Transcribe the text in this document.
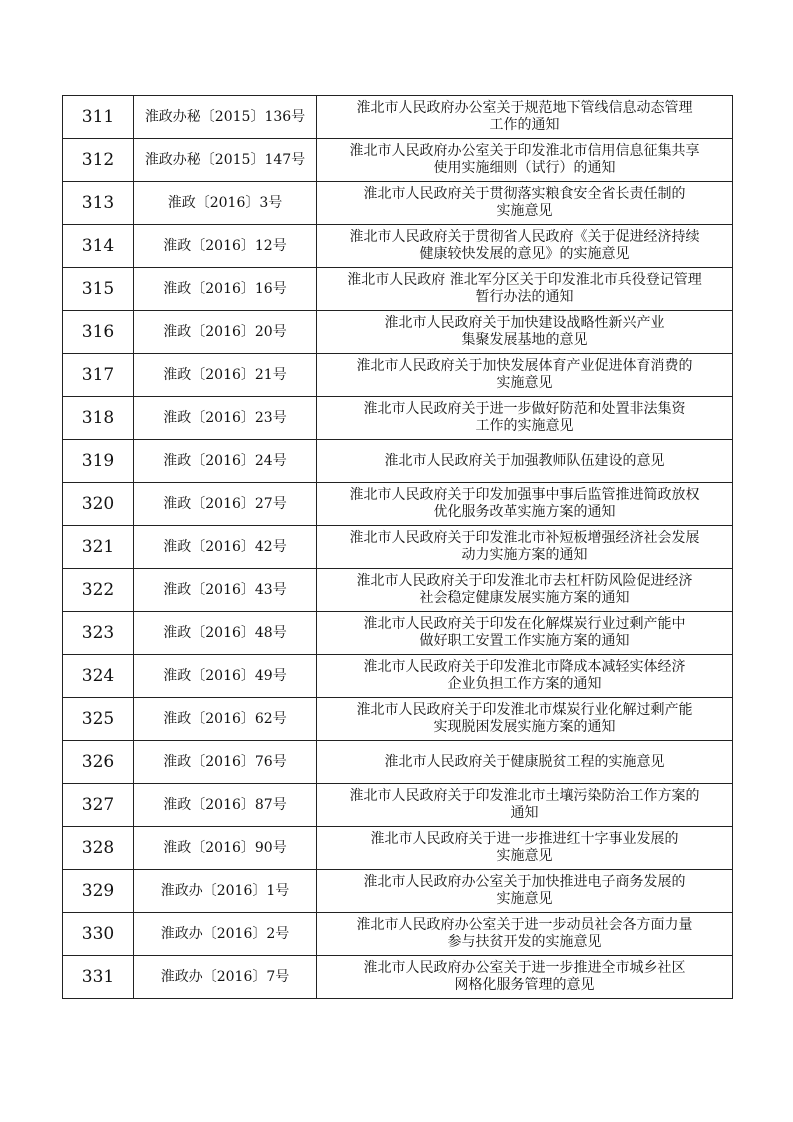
311	淮政办秘〔2015〕136号	淮北市人民政府办公室关于规范地下管线信息动态管理
工作的通知

312	淮政办秘〔2015〕147号	淮北市人民政府办公室关于印发淮北市信用信息征集共享
使用实施细则（试行）的通知

313	淮政〔2016〕3号	淮北市人民政府关于贯彻落实粮食安全省长责任制的
实施意见

314	淮政〔2016〕12号	淮北市人民政府关于贯彻省人民政府《关于促进经济持续
健康较快发展的意见》的实施意见

315	淮政〔2016〕16号	淮北市人民政府 淮北军分区关于印发淮北市兵役登记管理
暂行办法的通知

316	淮政〔2016〕20号	淮北市人民政府关于加快建设战略性新兴产业
集聚发展基地的意见

317	淮政〔2016〕21号	淮北市人民政府关于加快发展体育产业促进体育消费的
实施意见

318	淮政〔2016〕23号	淮北市人民政府关于进一步做好防范和处置非法集资
工作的实施意见

319	淮政〔2016〕24号	淮北市人民政府关于加强教师队伍建设的意见

320	淮政〔2016〕27号	淮北市人民政府关于印发加强事中事后监管推进简政放权
优化服务改革实施方案的通知

321	淮政〔2016〕42号	淮北市人民政府关于印发淮北市补短板增强经济社会发展
动力实施方案的通知

322	淮政〔2016〕43号	淮北市人民政府关于印发淮北市去杠杆防风险促进经济
社会稳定健康发展实施方案的通知

323	淮政〔2016〕48号	淮北市人民政府关于印发在化解煤炭行业过剩产能中
做好职工安置工作实施方案的通知

324	淮政〔2016〕49号	淮北市人民政府关于印发淮北市降成本减轻实体经济
企业负担工作方案的通知

325	淮政〔2016〕62号	淮北市人民政府关于印发淮北市煤炭行业化解过剩产能
实现脱困发展实施方案的通知

326	淮政〔2016〕76号	淮北市人民政府关于健康脱贫工程的实施意见

327	淮政〔2016〕87号	淮北市人民政府关于印发淮北市土壤污染防治工作方案的
通知

328	淮政〔2016〕90号	淮北市人民政府关于进一步推进红十字事业发展的
实施意见

329	淮政办〔2016〕1号	淮北市人民政府办公室关于加快推进电子商务发展的
实施意见

330	淮政办〔2016〕2号	淮北市人民政府办公室关于进一步动员社会各方面力量
参与扶贫开发的实施意见

331	淮政办〔2016〕7号	淮北市人民政府办公室关于进一步推进全市城乡社区
网格化服务管理的意见
